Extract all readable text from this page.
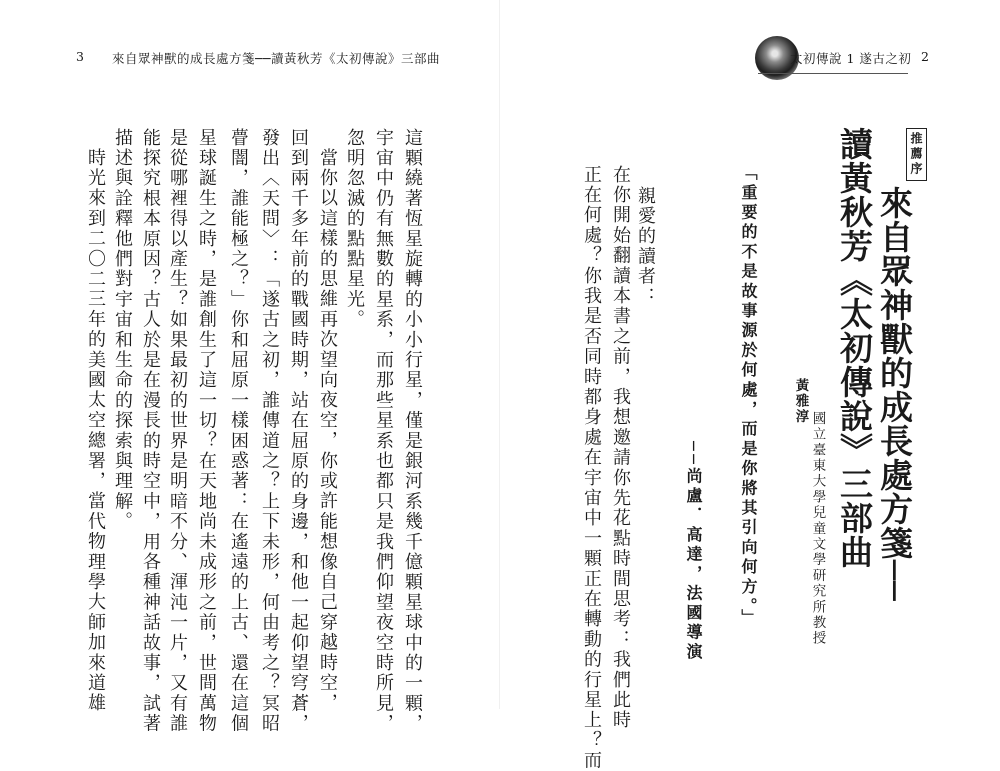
3 來自眾神獸的成長處方箋──讀黃秋芳《太初傳說》三部曲
這顆繞著恆星旋轉的小小行星，僅是銀河系幾千億顆星球中的一顆，
宇宙中仍有無數的星系，而那些星系也都只是我們仰望夜空時所見，
忽明忽滅的點點星光。
當你以這樣的思維再次望向夜空，你或許能想像自己穿越時空，
回到兩千多年前的戰國時期，站在屈原的身邊，和他一起仰望穹蒼，
發出〈天問〉：「遂古之初，誰傳道之？上下未形，何由考之？冥昭
瞢闇，誰能極之？」你和屈原一樣困惑著：在遙遠的上古、還在這個
星球誕生之時，是誰創生了這一切？在天地尚未成形之前，世間萬物
是從哪裡得以產生？如果最初的世界是明暗不分、渾沌一片，又有誰
能探究根本原因？古人於是在漫長的時空中，用各種神話故事，試著
描述與詮釋他們對宇宙和生命的探索與理解。
時光來到二〇二三年的美國太空總署，當代物理學大師加來道雄
太初傳說 1 遂古之初 2
推薦序
來自眾神獸的成長處方箋──
讀黃秋芳《太初傳說》三部曲
黃雅淳
國立臺東大學兒童文學研究所教授
「重要的不是故事源於何處，而是你將其引向何方。」
──尚盧．高達，法國導演
親愛的讀者：
在你開始翻讀本書之前，我想邀請你先花點時間思考：我們此時
正在何處？你我是否同時都身處在宇宙中一顆正在轉動的行星上？而
